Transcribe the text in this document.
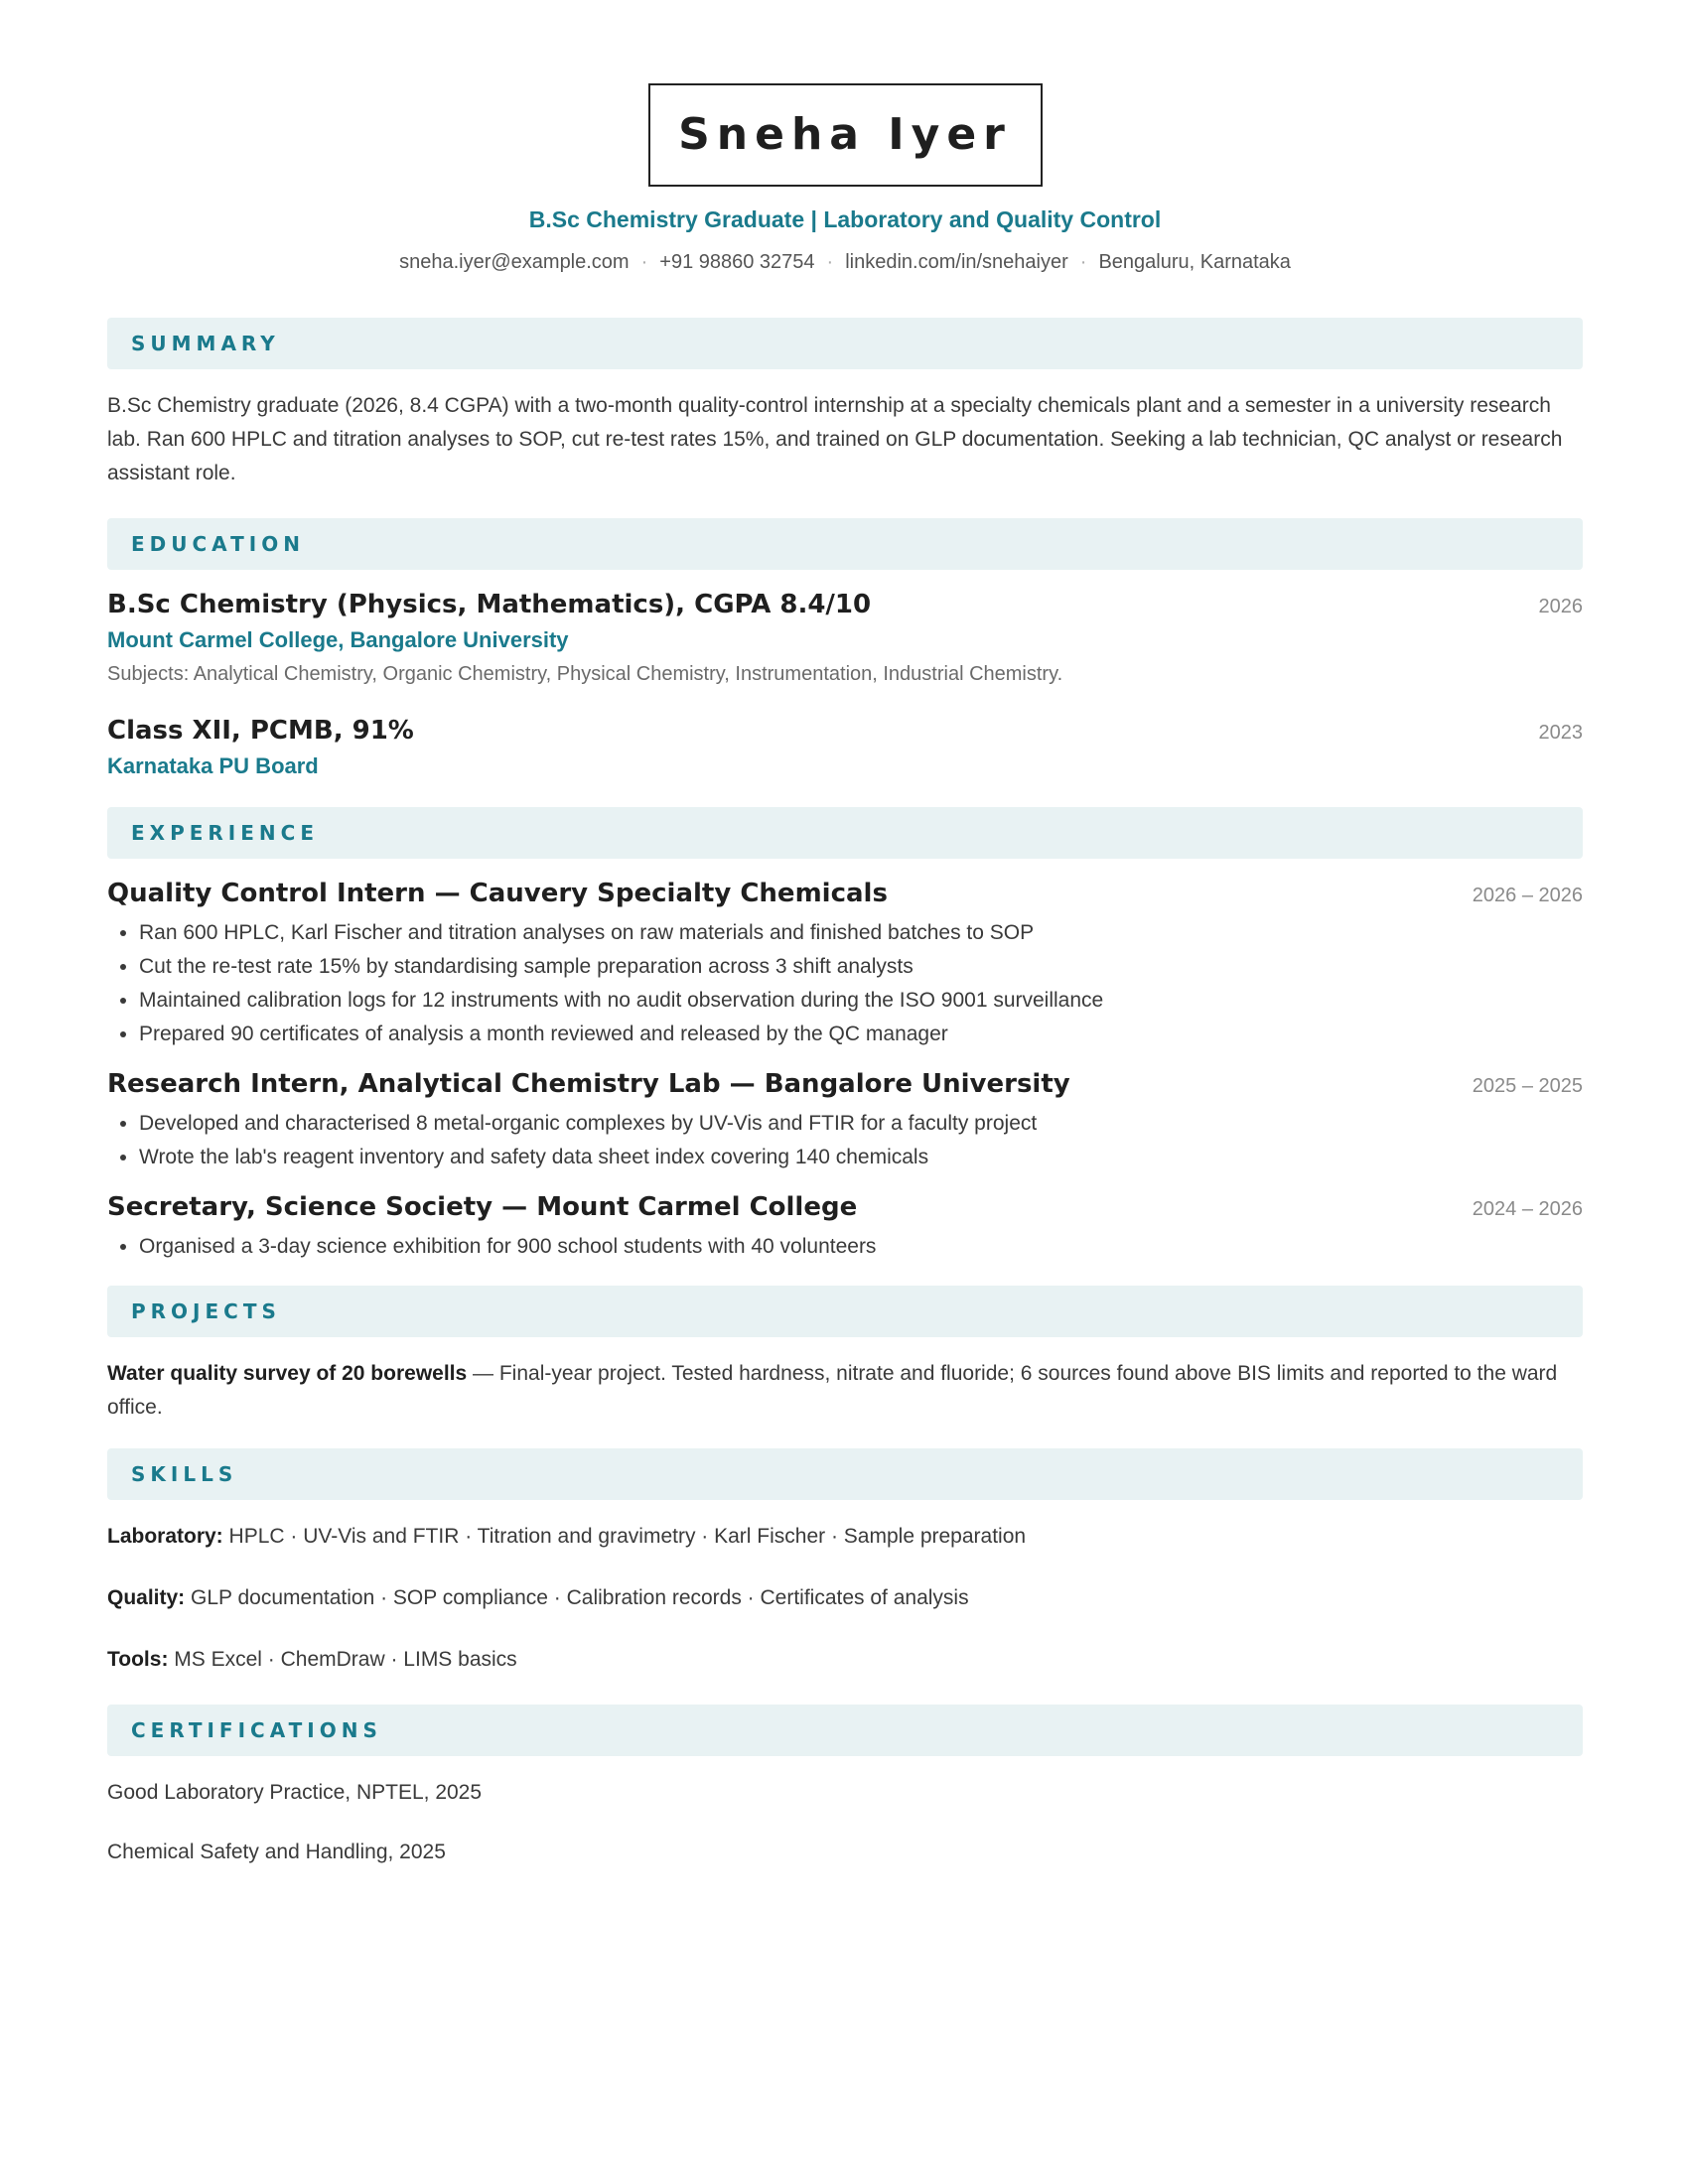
Sneha Iyer
B.Sc Chemistry Graduate | Laboratory and Quality Control
sneha.iyer@example.com · +91 98860 32754 · linkedin.com/in/snehaiyer · Bengaluru, Karnataka
SUMMARY
B.Sc Chemistry graduate (2026, 8.4 CGPA) with a two-month quality-control internship at a specialty chemicals plant and a semester in a university research lab. Ran 600 HPLC and titration analyses to SOP, cut re-test rates 15%, and trained on GLP documentation. Seeking a lab technician, QC analyst or research assistant role.
EDUCATION
B.Sc Chemistry (Physics, Mathematics), CGPA 8.4/10	2026
Mount Carmel College, Bangalore University
Subjects: Analytical Chemistry, Organic Chemistry, Physical Chemistry, Instrumentation, Industrial Chemistry.
Class XII, PCMB, 91%	2023
Karnataka PU Board
EXPERIENCE
Quality Control Intern — Cauvery Specialty Chemicals	2026 – 2026
• Ran 600 HPLC, Karl Fischer and titration analyses on raw materials and finished batches to SOP
• Cut the re-test rate 15% by standardising sample preparation across 3 shift analysts
• Maintained calibration logs for 12 instruments with no audit observation during the ISO 9001 surveillance
• Prepared 90 certificates of analysis a month reviewed and released by the QC manager
Research Intern, Analytical Chemistry Lab — Bangalore University	2025 – 2025
• Developed and characterised 8 metal-organic complexes by UV-Vis and FTIR for a faculty project
• Wrote the lab's reagent inventory and safety data sheet index covering 140 chemicals
Secretary, Science Society — Mount Carmel College	2024 – 2026
• Organised a 3-day science exhibition for 900 school students with 40 volunteers
PROJECTS
Water quality survey of 20 borewells — Final-year project. Tested hardness, nitrate and fluoride; 6 sources found above BIS limits and reported to the ward office.
SKILLS
Laboratory: HPLC · UV-Vis and FTIR · Titration and gravimetry · Karl Fischer · Sample preparation
Quality: GLP documentation · SOP compliance · Calibration records · Certificates of analysis
Tools: MS Excel · ChemDraw · LIMS basics
CERTIFICATIONS
Good Laboratory Practice, NPTEL, 2025
Chemical Safety and Handling, 2025
